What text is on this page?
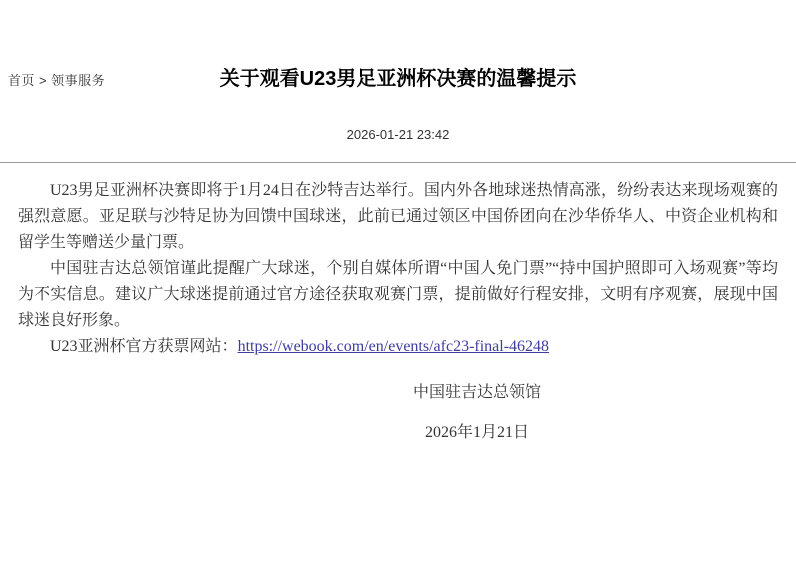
首页 > 领事服务	关于观看U23男足亚洲杯决赛的温馨提示
2026-01-21 23:42

U23男足亚洲杯决赛即将于1月24日在沙特吉达举行。国内外各地球迷热情高涨，纷纷表达来现场观赛的强烈意愿。亚足联与沙特足协为回馈中国球迷，此前已通过领区中国侨团向在沙华侨华人、中资企业机构和留学生等赠送少量门票。

中国驻吉达总领馆谨此提醒广大球迷，个别自媒体所谓“中国人免门票”“持中国护照即可入场观赛”等均为不实信息。建议广大球迷提前通过官方途径获取观赛门票，提前做好行程安排，文明有序观赛，展现中国球迷良好形象。

U23亚洲杯官方获票网站：https://webook.com/en/events/afc23-final-46248

中国驻吉达总领馆
2026年1月21日
